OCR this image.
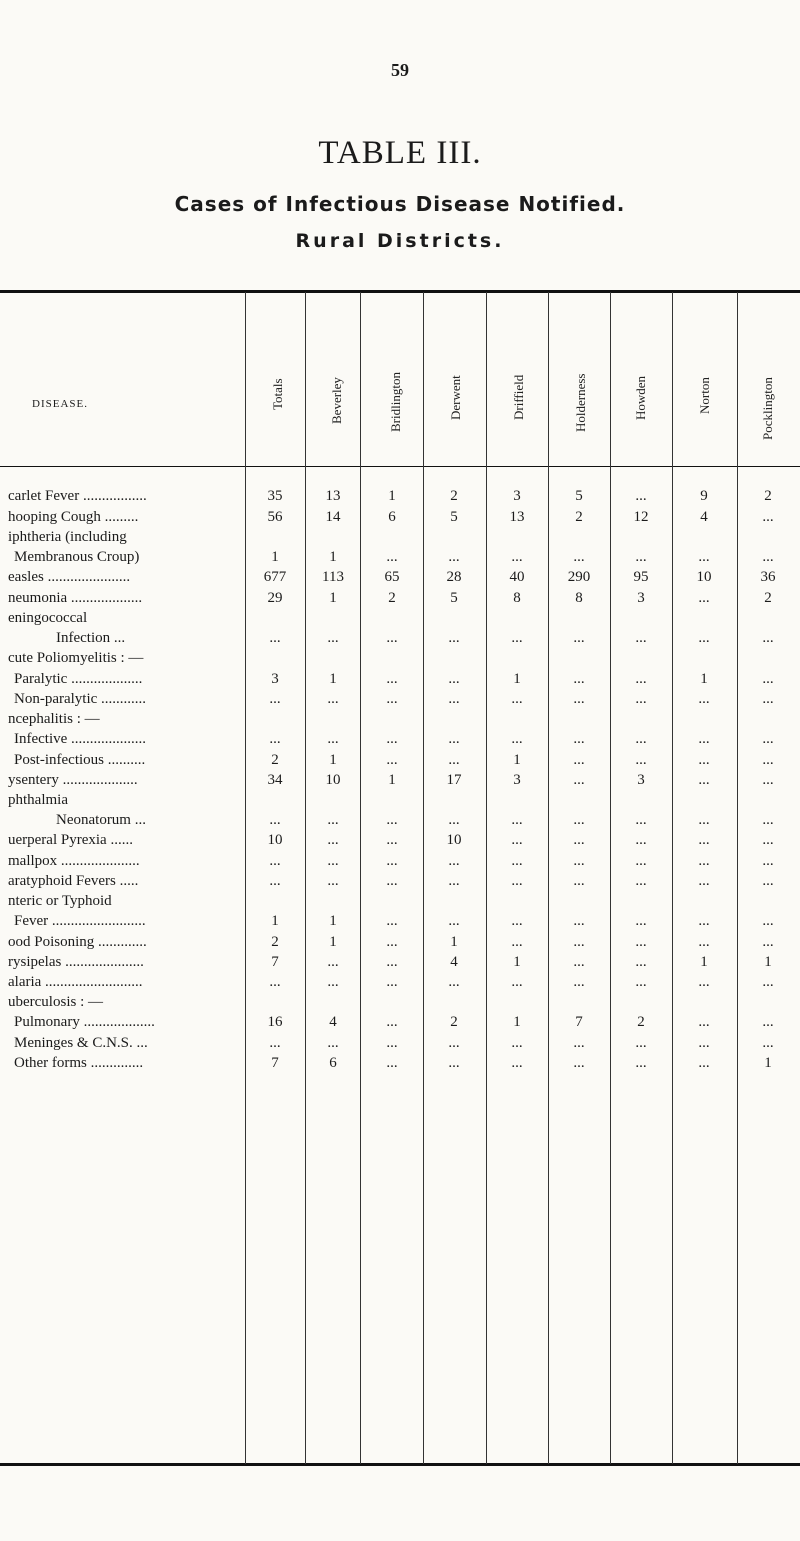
59
TABLE III.
Cases of Infectious Disease Notified.
Rural Districts.
DISEASE.	Totals	Beverley	Bridlington	Derwent	Driffield	Holderness	Howden	Norton	Pocklington
carlet Fever .................	35	13	1	2	3	5	...	9	2
hooping Cough .........	56	14	6	5	13	2	12	4	...
iphtheria (including
Membranous Croup)	1	1	...	...	...	...	...	...	...
easles ......................	677	113	65	28	40	290	95	10	36
neumonia ...................	29	1	2	5	8	8	3	...	2
eningococcal
Infection ...	...	...	...	...	...	...	...	...	...
cute Poliomyelitis : —
Paralytic ...................	3	1	...	...	1	...	...	1	...
Non-paralytic ............	...	...	...	...	...	...	...	...	...
ncephalitis : —
Infective ....................	...	...	...	...	...	...	...	...	...
Post-infectious ..........	2	1	...	...	1	...	...	...	...
ysentery ....................	34	10	1	17	3	...	3	...	...
phthalmia
Neonatorum ...	...	...	...	...	...	...	...	...	...
uerperal Pyrexia ......	10	...	...	10	...	...	...	...	...
mallpox .....................	...	...	...	...	...	...	...	...	...
aratyphoid Fevers .....	...	...	...	...	...	...	...	...	...
nteric or Typhoid
Fever .........................	1	1	...	...	...	...	...	...	...
ood Poisoning .............	2	1	...	1	...	...	...	...	...
rysipelas .....................	7	...	...	4	1	...	...	1	1
alaria ..........................	...	...	...	...	...	...	...	...	...
uberculosis : —
Pulmonary ...................	16	4	...	2	1	7	2	...	...
Meninges & C.N.S. ...	...	...	...	...	...	...	...	...	...
Other forms ..............	7	6	...	...	...	...	...	...	1
